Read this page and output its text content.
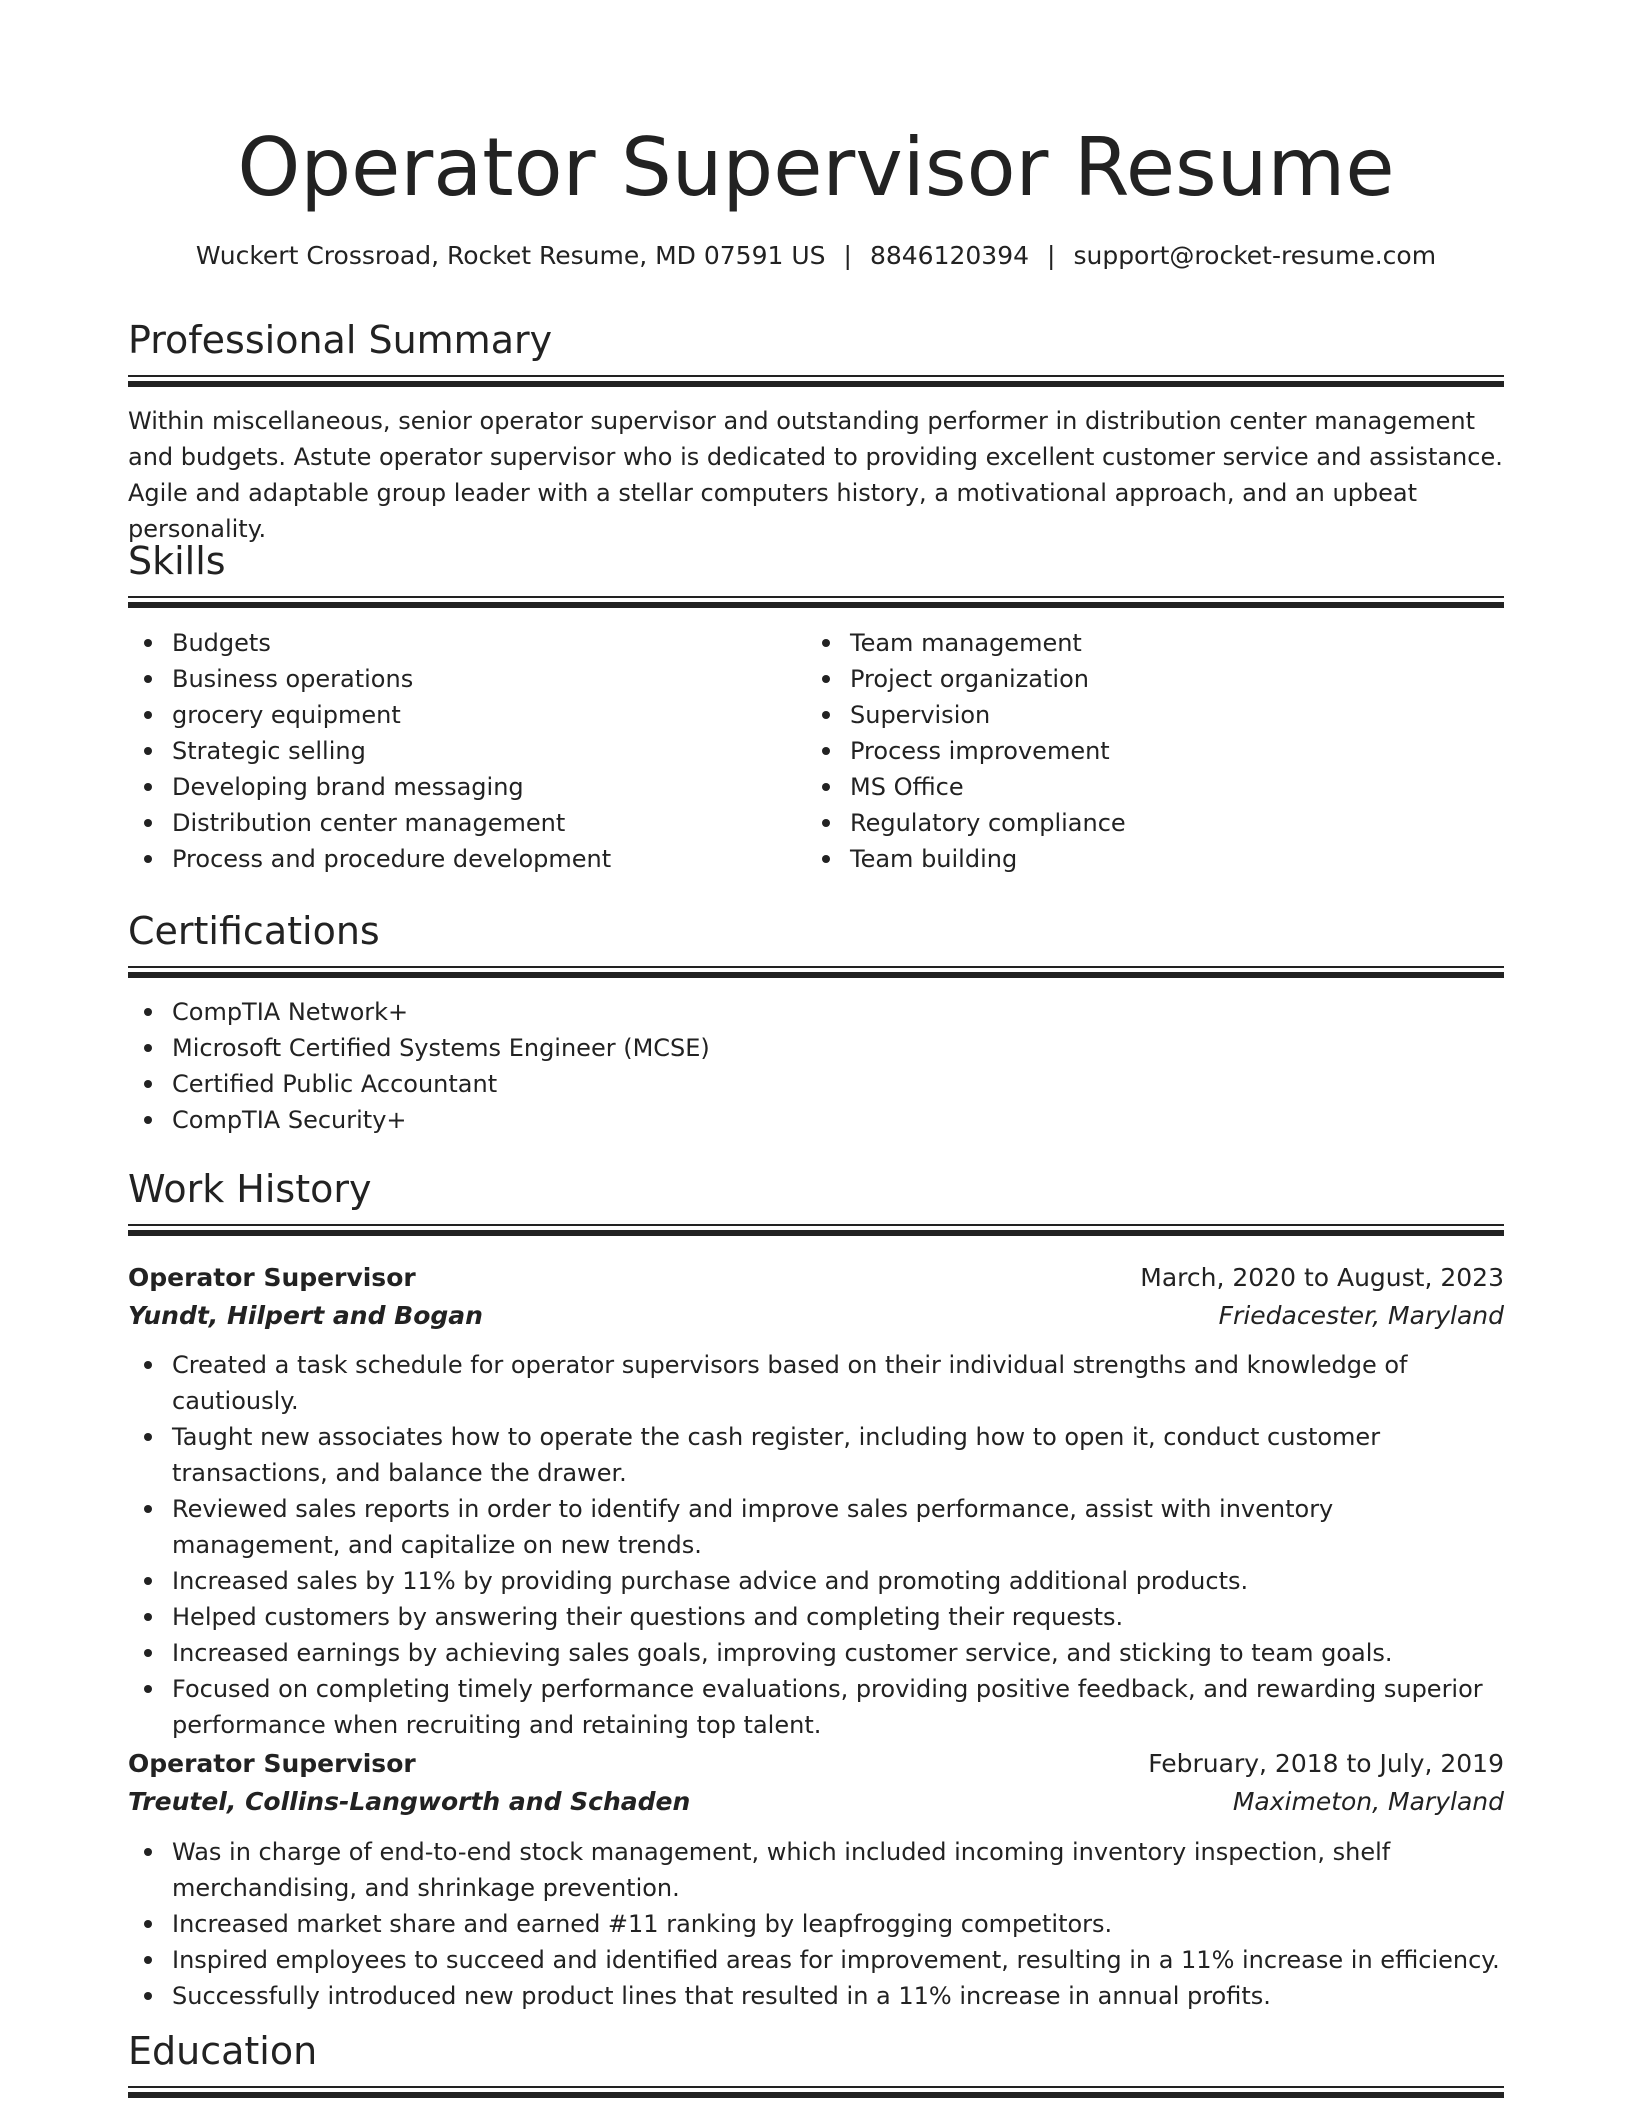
Operator Supervisor Resume
Wuckert Crossroad, Rocket Resume, MD 07591 US | 8846120394 | support@rocket-resume.com
Professional Summary

Within miscellaneous, senior operator supervisor and outstanding performer in distribution center management and budgets. Astute operator supervisor who is dedicated to providing excellent customer service and assistance. Agile and adaptable group leader with a stellar computers history, a motivational approach, and an upbeat personality.

Skills
Budgets
Business operations
grocery equipment
Strategic selling
Developing brand messaging
Distribution center management
Process and procedure development
Team management
Project organization
Supervision
Process improvement
MS Office
Regulatory compliance
Team building
Certifications
CompTIA Network+
Microsoft Certified Systems Engineer (MCSE)
Certified Public Accountant
CompTIA Security+
Work History
Operator Supervisor	March, 2020 to August, 2023
Yundt, Hilpert and Bogan	Friedacester, Maryland
Created a task schedule for operator supervisors based on their individual strengths and knowledge of cautiously.
Taught new associates how to operate the cash register, including how to open it, conduct customer transactions, and balance the drawer.
Reviewed sales reports in order to identify and improve sales performance, assist with inventory management, and capitalize on new trends.
Increased sales by 11% by providing purchase advice and promoting additional products.
Helped customers by answering their questions and completing their requests.
Increased earnings by achieving sales goals, improving customer service, and sticking to team goals.
Focused on completing timely performance evaluations, providing positive feedback, and rewarding superior performance when recruiting and retaining top talent.
Operator Supervisor	February, 2018 to July, 2019
Treutel, Collins-Langworth and Schaden	Maximeton, Maryland
Was in charge of end-to-end stock management, which included incoming inventory inspection, shelf merchandising, and shrinkage prevention.
Increased market share and earned #11 ranking by leapfrogging competitors.
Inspired employees to succeed and identified areas for improvement, resulting in a 11% increase in efficiency.
Successfully introduced new product lines that resulted in a 11% increase in annual profits.
Education
